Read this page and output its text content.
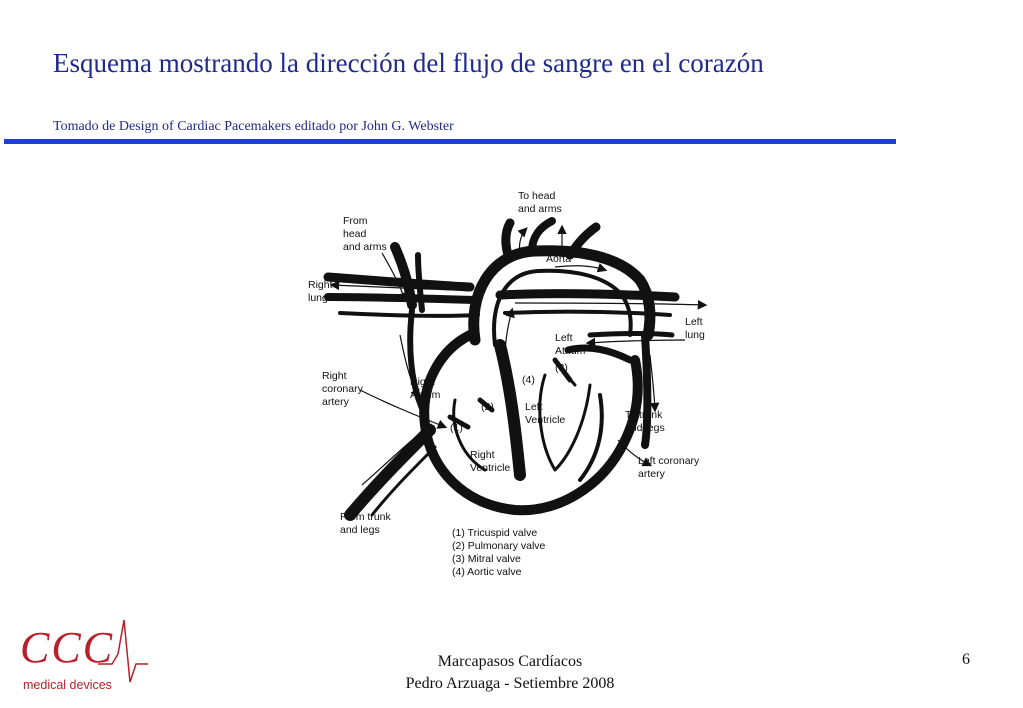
Esquema mostrando la dirección del flujo de sangre en el corazón
Tomado de Design of Cardiac Pacemakers editado por John G. Webster
To head
and arms
From
head
and arms
Aorta
Right
lung
Left
lung
Left
Atrium
Right
coronary
artery
Right
Atrium
(4)
(3)
(2)
(1)
Left
Ventricle	To trunk
and legs
Right
Ventricle
Left coronary
artery
From trunk
and legs	(1) Tricuspid valve
(2) Pulmonary valve
(3) Mitral valve
(4) Aortic valve
CCC
medical devices
Marcapasos Cardíacos
Pedro Arzuaga - Setiembre 2008
6
